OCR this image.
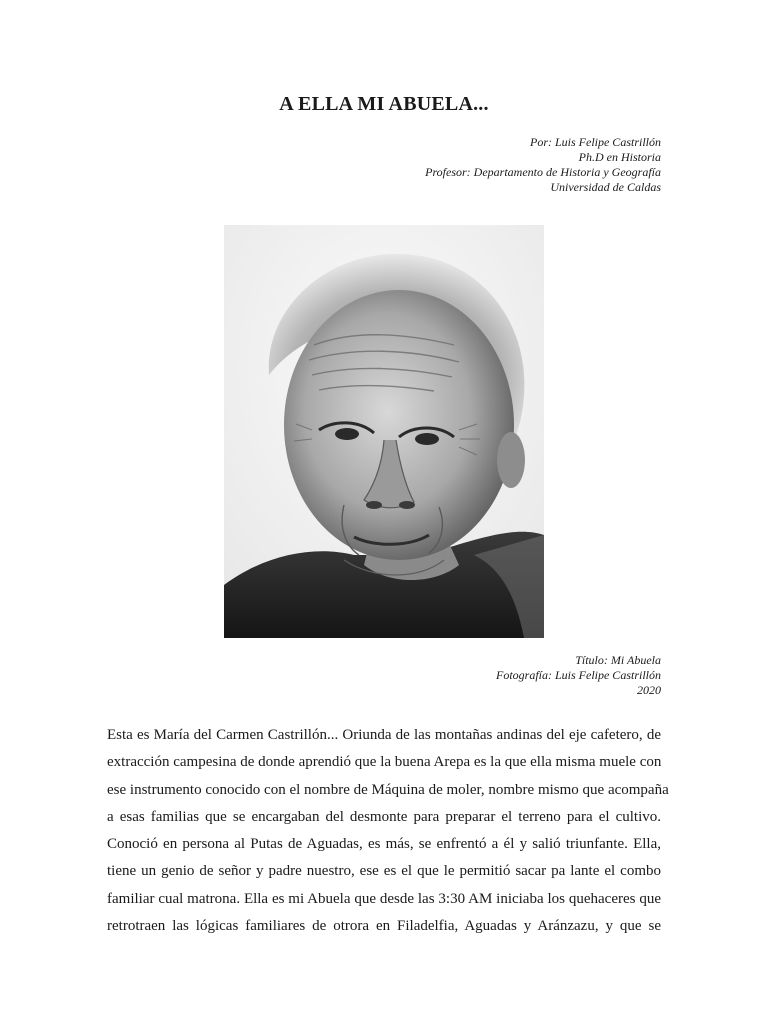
A ELLA MI ABUELA...
Por: Luis Felipe Castrillón
Ph.D en Historia
Profesor: Departamento de Historia y Geografía
Universidad de Caldas
Título: Mi Abuela
Fotografía: Luis Felipe Castrillón
2020
Esta es María del Carmen Castrillón... Oriunda de las montañas andinas del eje cafetero, de
extracción campesina de donde aprendió que la buena Arepa es la que ella misma muele con
ese instrumento conocido con el nombre de Máquina de moler, nombre mismo que acompaña
a esas familias que se encargaban del desmonte para preparar el terreno para el cultivo.
Conoció en persona al Putas de Aguadas, es más, se enfrentó a él y salió triunfante. Ella,
tiene un genio de señor y padre nuestro, ese es el que le permitió sacar pa lante el combo
familiar cual matrona. Ella es mi Abuela que desde las 3:30 AM iniciaba los quehaceres que
retrotraen las lógicas familiares de otrora en Filadelfia, Aguadas y Aránzazu, y que se
